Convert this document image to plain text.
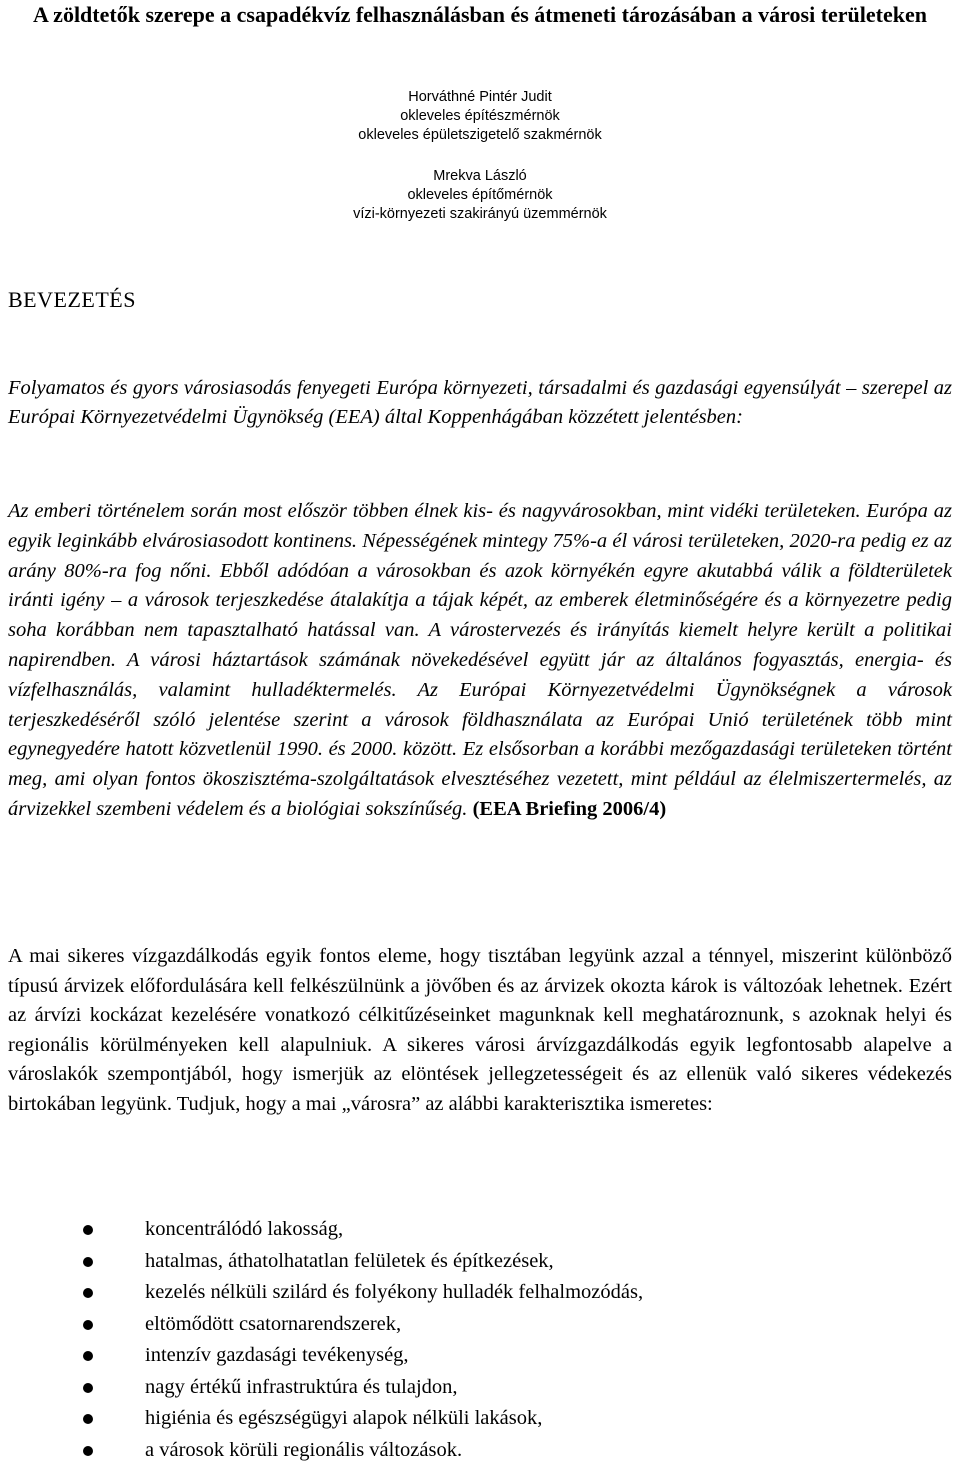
A zöldtetők szerepe a csapadékvíz felhasználásban és átmeneti tározásában a városi területeken
Horváthné Pintér Judit
okleveles építészmérnök
okleveles épületszigetelő szakmérnök
Mrekva László
okleveles építőmérnök
vízi-környezeti szakirányú üzemmérnök
BEVEZETÉS

Folyamatos és gyors városiasodás fenyegeti Európa környezeti, társadalmi és gazdasági egyensúlyát – szerepel az Európai Környezetvédelmi Ügynökség (EEA) által Koppenhágában közzétett jelentésben:

Az emberi történelem során most először többen élnek kis- és nagyvárosokban, mint vidéki területeken. Európa az egyik leginkább elvárosiasodott kontinens. Népességének mintegy 75%-a él városi területeken, 2020-ra pedig ez az arány 80%-ra fog nőni. Ebből adódóan a városokban és azok környékén egyre akutabbá válik a földterületek iránti igény – a városok terjeszkedése átalakítja a tájak képét, az emberek életminőségére és a környezetre pedig soha korábban nem tapasztalható hatással van. A várostervezés és irányítás kiemelt helyre került a politikai napirendben. A városi háztartások számának növekedésével együtt jár az általános fogyasztás, energia- és vízfelhasználás, valamint hulladéktermelés. Az Európai Környezetvédelmi Ügynökségnek a városok terjeszkedéséről szóló jelentése szerint a városok földhasználata az Európai Unió területének több mint egynegyedére hatott közvetlenül 1990. és 2000. között. Ez elsősorban a korábbi mezőgazdasági területeken történt meg, ami olyan fontos ökoszisztéma-szolgáltatások elvesztéséhez vezetett, mint például az élelmiszertermelés, az árvizekkel szembeni védelem és a biológiai sokszínűség. (EEA Briefing 2006/4)

A mai sikeres vízgazdálkodás egyik fontos eleme, hogy tisztában legyünk azzal a ténnyel, miszerint különböző típusú árvizek előfordulására kell felkészülnünk a jövőben és az árvizek okozta károk is változóak lehetnek. Ezért az árvízi kockázat kezelésére vonatkozó célkitűzéseinket magunknak kell meghatároznunk, s azoknak helyi és regionális körülményeken kell alapulniuk. A sikeres városi árvízgazdálkodás egyik legfontosabb alapelve a városlakók szempontjából, hogy ismerjük az elöntések jellegzetességeit és az ellenük való sikeres védekezés birtokában legyünk. Tudjuk, hogy a mai „városra” az alábbi karakterisztika ismeretes:

koncentrálódó lakosság,
hatalmas, áthatolhatatlan felületek és építkezések,
kezelés nélküli szilárd és folyékony hulladék felhalmozódás,
eltömődött csatornarendszerek,
intenzív gazdasági tevékenység,
nagy értékű infrastruktúra és tulajdon,
higiénia és egészségügyi alapok nélküli lakások,
a városok körüli regionális változások.
